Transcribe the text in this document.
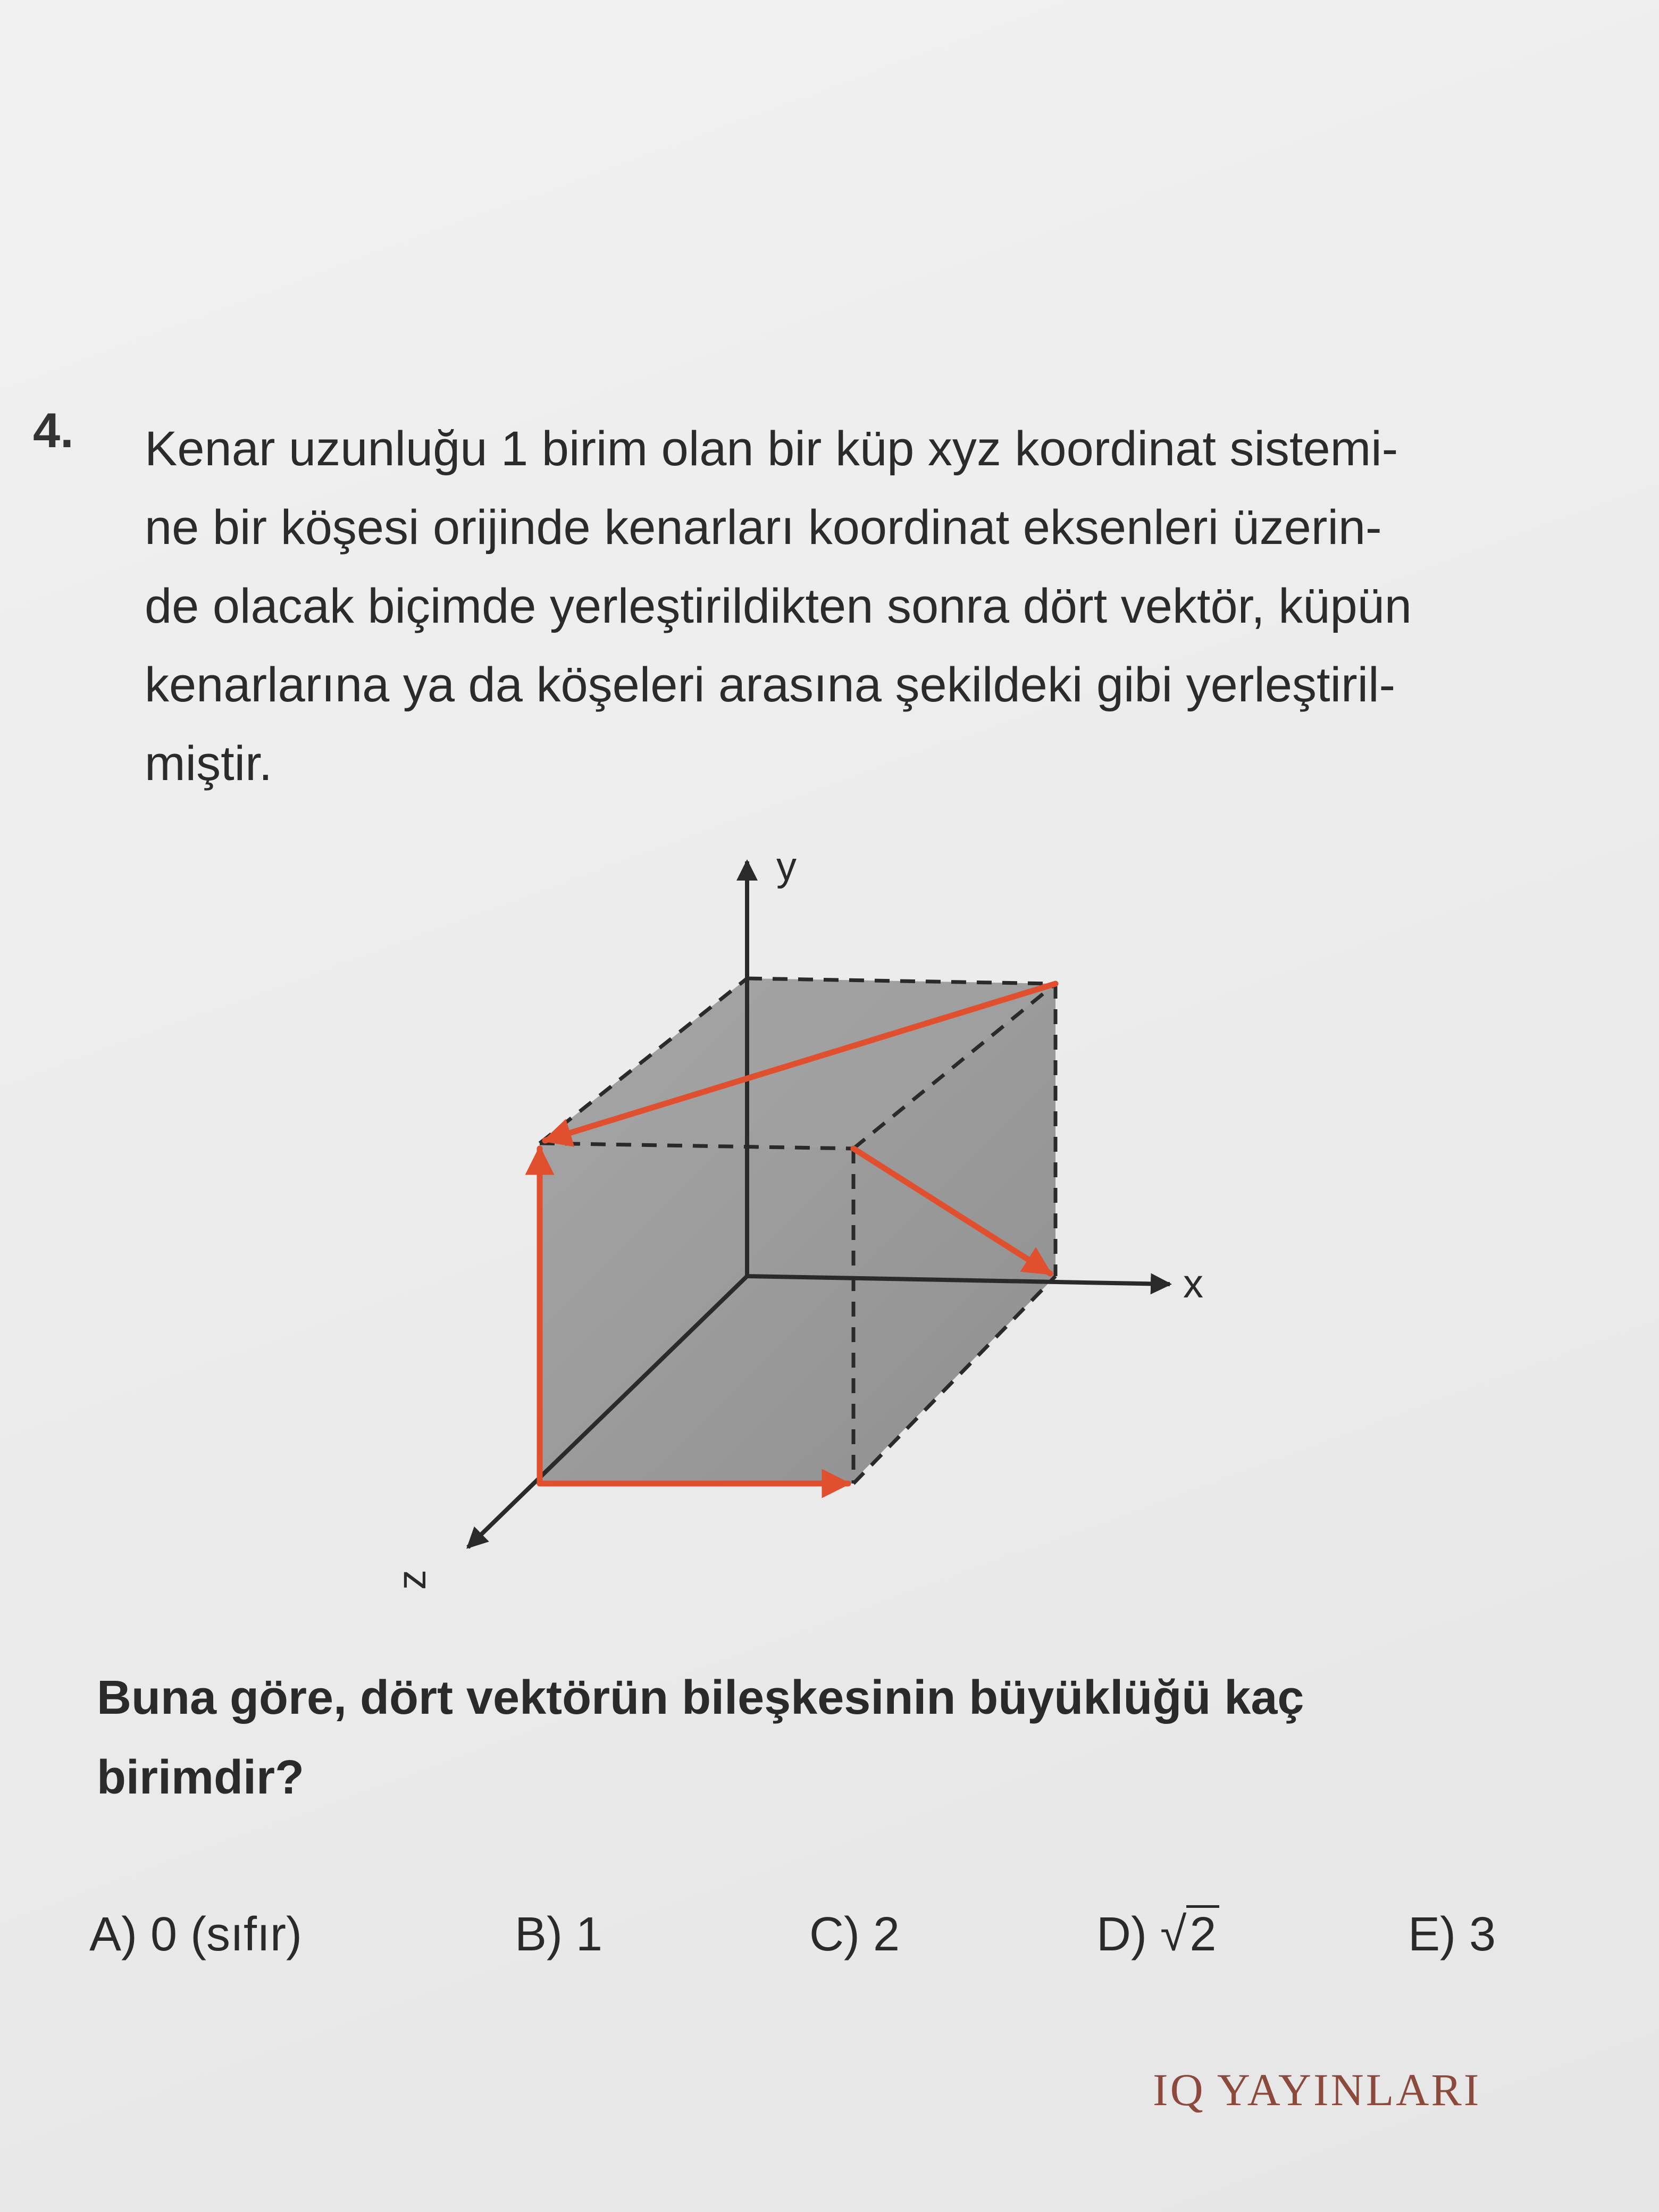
4. Kenar uzunluğu 1 birim olan bir küp xyz koordinat sistemi-
ne bir köşesi orijinde kenarları koordinat eksenleri üzerin-
de olacak biçimde yerleştirildikten sonra dört vektör, küpün
kenarlarına ya da köşeleri arasına şekildeki gibi yerleştiril-
miştir.
y
x
z
Buna göre, dört vektörün bileşkesinin büyüklüğü kaç
birimdir?
A) 0 (sıfır)	B) 1	C) 2	D) √2	E) 3
IQ YAYINLARI
